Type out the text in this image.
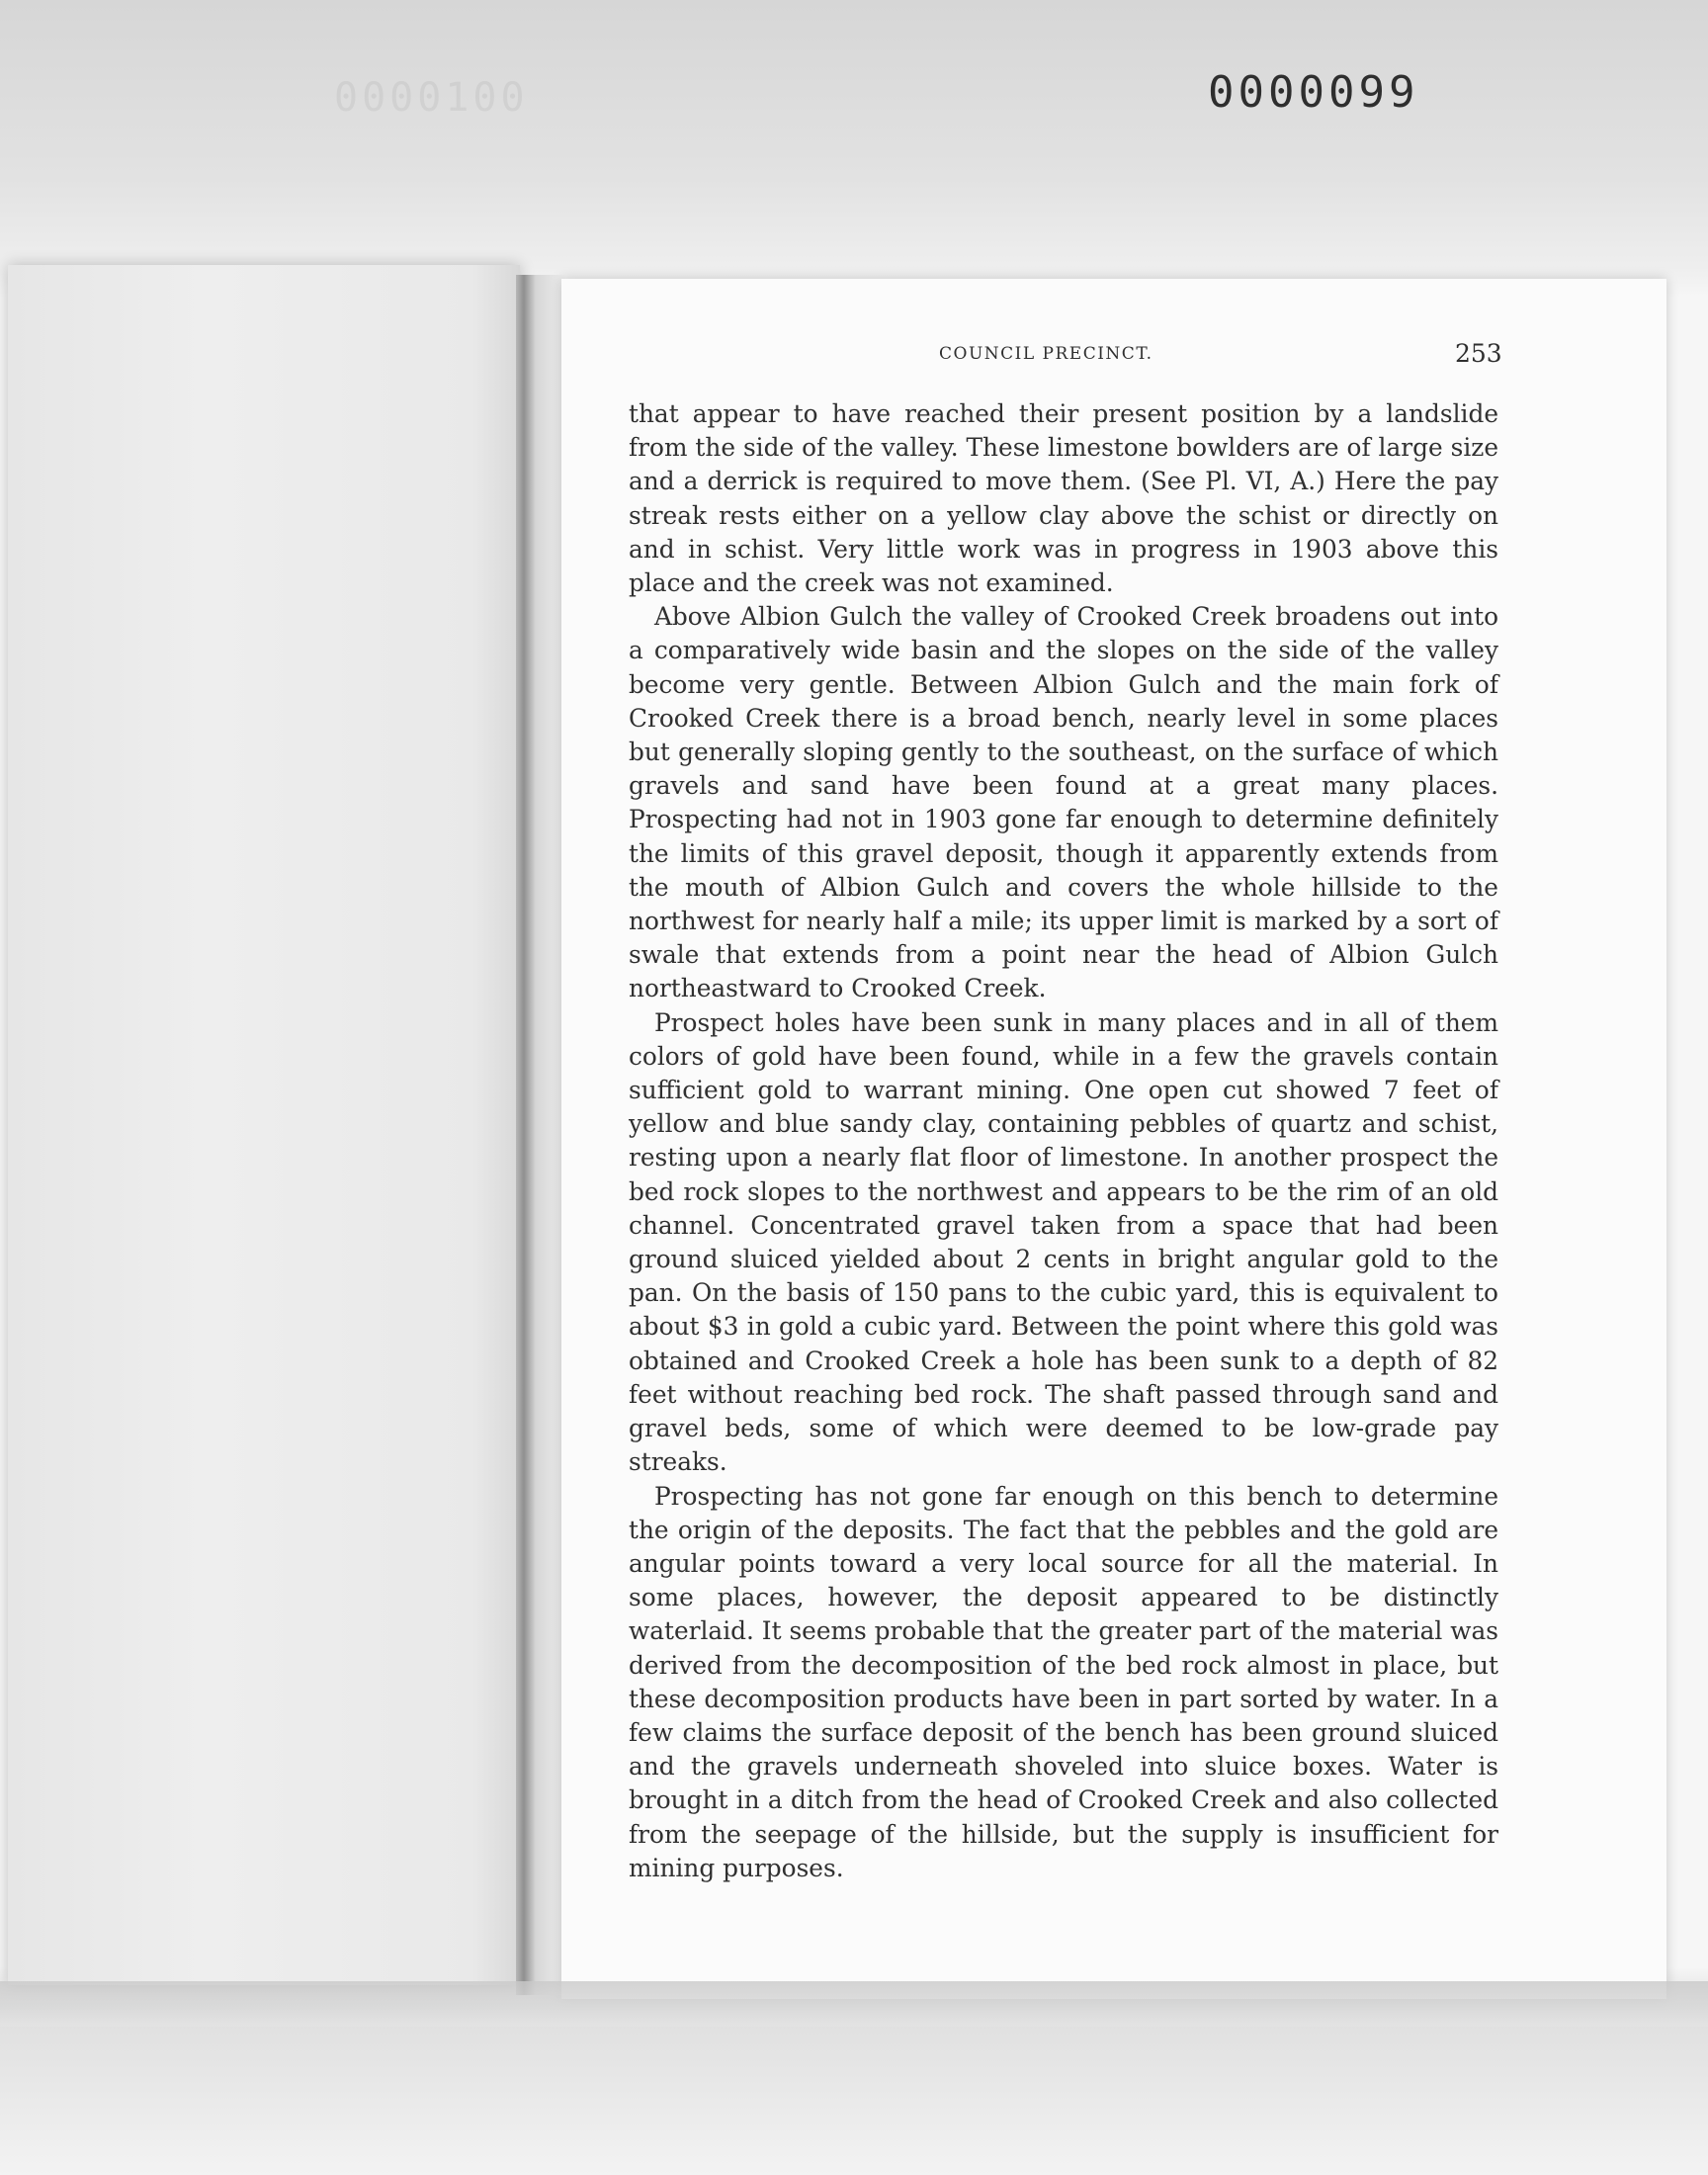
0000100	0000099
COUNCIL PRECINCT.	253

that appear to have reached their present position by a landslide from the side of the valley. These limestone bowlders are of large size and a derrick is required to move them. (See Pl. VI, A.) Here the pay streak rests either on a yellow clay above the schist or directly on and in schist. Very little work was in progress in 1903 above this place and the creek was not examined.

Above Albion Gulch the valley of Crooked Creek broadens out into a comparatively wide basin and the slopes on the side of the valley become very gentle. Between Albion Gulch and the main fork of Crooked Creek there is a broad bench, nearly level in some places but generally sloping gently to the southeast, on the surface of which gravels and sand have been found at a great many places. Prospecting had not in 1903 gone far enough to determine definitely the limits of this gravel deposit, though it apparently extends from the mouth of Albion Gulch and covers the whole hillside to the northwest for nearly half a mile; its upper limit is marked by a sort of swale that extends from a point near the head of Albion Gulch northeastward to Crooked Creek.

Prospect holes have been sunk in many places and in all of them colors of gold have been found, while in a few the gravels contain sufficient gold to warrant mining. One open cut showed 7 feet of yellow and blue sandy clay, containing pebbles of quartz and schist, resting upon a nearly flat floor of limestone. In another prospect the bed rock slopes to the northwest and appears to be the rim of an old channel. Concentrated gravel taken from a space that had been ground sluiced yielded about 2 cents in bright angular gold to the pan. On the basis of 150 pans to the cubic yard, this is equivalent to about $3 in gold a cubic yard. Between the point where this gold was obtained and Crooked Creek a hole has been sunk to a depth of 82 feet without reaching bed rock. The shaft passed through sand and gravel beds, some of which were deemed to be low-grade pay streaks.

Prospecting has not gone far enough on this bench to determine the origin of the deposits. The fact that the pebbles and the gold are angular points toward a very local source for all the material. In some places, however, the deposit appeared to be distinctly waterlaid. It seems probable that the greater part of the material was derived from the decomposition of the bed rock almost in place, but these decomposition products have been in part sorted by water. In a few claims the surface deposit of the bench has been ground sluiced and the gravels underneath shoveled into sluice boxes. Water is brought in a ditch from the head of Crooked Creek and also collected from the seepage of the hillside, but the supply is insufficient for mining purposes.
